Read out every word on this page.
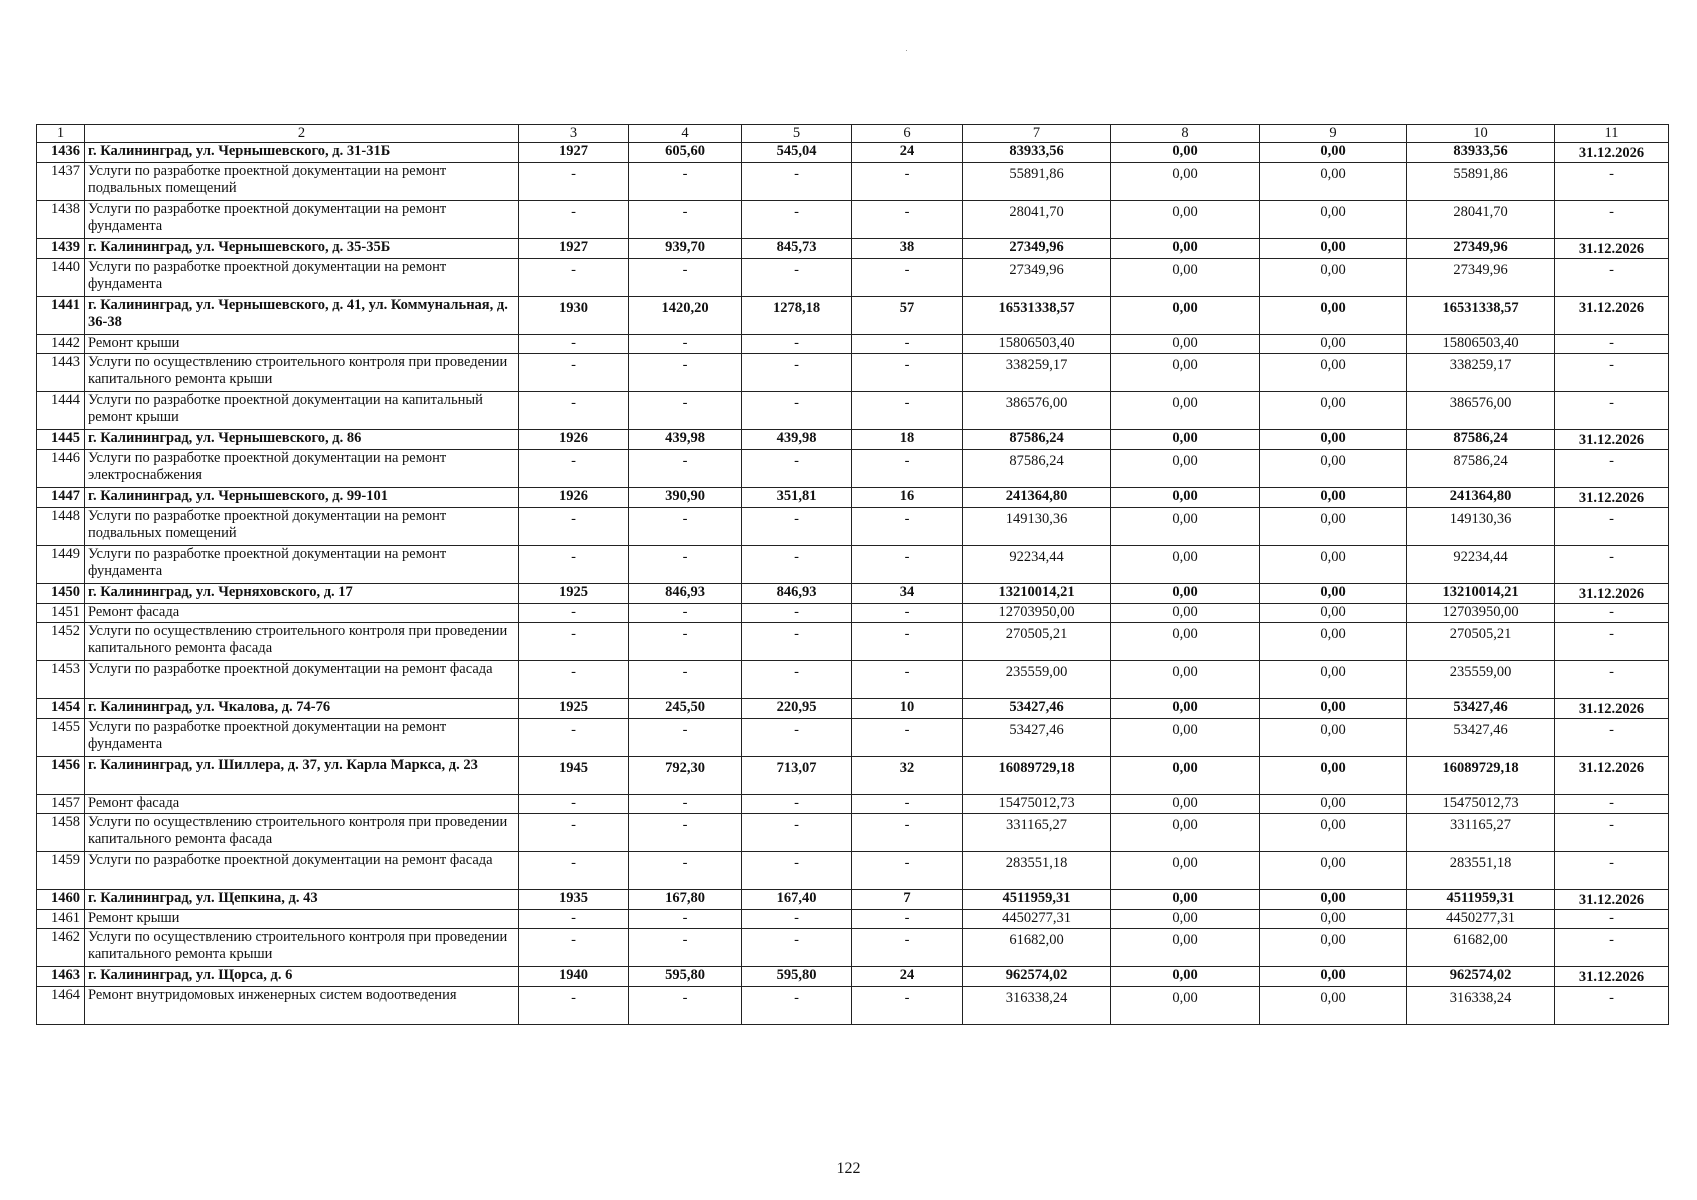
1	2	3	4	5	6	7	8	9	10	11
1436	г. Калининград, ул. Чернышевского, д. 31-31Б	1927	605,60	545,04	24	83933,56	0,00	0,00	83933,56	31.12.2026
1437	Услуги по разработке проектной документации на ремонт подвальных помещений	-	-	-	-	55891,86	0,00	0,00	55891,86	-
1438	Услуги по разработке проектной документации на ремонт фундамента	-	-	-	-	28041,70	0,00	0,00	28041,70	-
1439	г. Калининград, ул. Чернышевского, д. 35-35Б	1927	939,70	845,73	38	27349,96	0,00	0,00	27349,96	31.12.2026
1440	Услуги по разработке проектной документации на ремонт фундамента	-	-	-	-	27349,96	0,00	0,00	27349,96	-
1441	г. Калининград, ул. Чернышевского, д. 41, ул. Коммунальная, д. 36-38	1930	1420,20	1278,18	57	16531338,57	0,00	0,00	16531338,57	31.12.2026
1442	Ремонт крыши	-	-	-	-	15806503,40	0,00	0,00	15806503,40	-
1443	Услуги по осуществлению строительного контроля при проведении капитального ремонта крыши	-	-	-	-	338259,17	0,00	0,00	338259,17	-
1444	Услуги по разработке проектной документации на капитальный ремонт крыши	-	-	-	-	386576,00	0,00	0,00	386576,00	-
1445	г. Калининград, ул. Чернышевского, д. 86	1926	439,98	439,98	18	87586,24	0,00	0,00	87586,24	31.12.2026
1446	Услуги по разработке проектной документации на ремонт электроснабжения	-	-	-	-	87586,24	0,00	0,00	87586,24	-
1447	г. Калининград, ул. Чернышевского, д. 99-101	1926	390,90	351,81	16	241364,80	0,00	0,00	241364,80	31.12.2026
1448	Услуги по разработке проектной документации на ремонт подвальных помещений	-	-	-	-	149130,36	0,00	0,00	149130,36	-
1449	Услуги по разработке проектной документации на ремонт фундамента	-	-	-	-	92234,44	0,00	0,00	92234,44	-
1450	г. Калининград, ул. Черняховского, д. 17	1925	846,93	846,93	34	13210014,21	0,00	0,00	13210014,21	31.12.2026
1451	Ремонт фасада	-	-	-	-	12703950,00	0,00	0,00	12703950,00	-
1452	Услуги по осуществлению строительного контроля при проведении капитального ремонта фасада	-	-	-	-	270505,21	0,00	0,00	270505,21	-
1453	Услуги по разработке проектной документации на ремонт фасада	-	-	-	-	235559,00	0,00	0,00	235559,00	-
1454	г. Калининград, ул. Чкалова, д. 74-76	1925	245,50	220,95	10	53427,46	0,00	0,00	53427,46	31.12.2026
1455	Услуги по разработке проектной документации на ремонт фундамента	-	-	-	-	53427,46	0,00	0,00	53427,46	-
1456	г. Калининград, ул. Шиллера, д. 37, ул. Карла Маркса, д. 23	1945	792,30	713,07	32	16089729,18	0,00	0,00	16089729,18	31.12.2026
1457	Ремонт фасада	-	-	-	-	15475012,73	0,00	0,00	15475012,73	-
1458	Услуги по осуществлению строительного контроля при проведении капитального ремонта фасада	-	-	-	-	331165,27	0,00	0,00	331165,27	-
1459	Услуги по разработке проектной документации на ремонт фасада	-	-	-	-	283551,18	0,00	0,00	283551,18	-
1460	г. Калининград, ул. Щепкина, д. 43	1935	167,80	167,40	7	4511959,31	0,00	0,00	4511959,31	31.12.2026
1461	Ремонт крыши	-	-	-	-	4450277,31	0,00	0,00	4450277,31	-
1462	Услуги по осуществлению строительного контроля при проведении капитального ремонта крыши	-	-	-	-	61682,00	0,00	0,00	61682,00	-
1463	г. Калининград, ул. Щорса, д. 6	1940	595,80	595,80	24	962574,02	0,00	0,00	962574,02	31.12.2026
1464	Ремонт внутридомовых инженерных систем водоотведения	-	-	-	-	316338,24	0,00	0,00	316338,24	-
122
